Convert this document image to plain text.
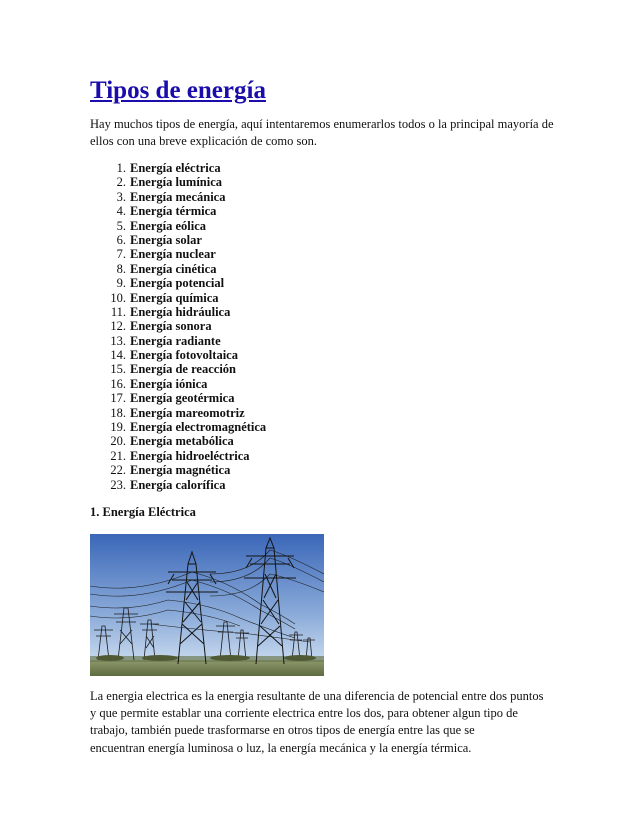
Tipos de energía

Hay muchos tipos de energía, aquí intentaremos enumerarlos todos o la principal mayoría de ellos con una breve explicación de como son.

1. Energía eléctrica
2. Energía lumínica
3. Energía mecánica
4. Energía térmica
5. Energía eólica
6. Energía solar
7. Energía nuclear
8. Energía cinética
9. Energía potencial
10. Energía química
11. Energía hidráulica
12. Energía sonora
13. Energía radiante
14. Energía fotovoltaica
15. Energía de reacción
16. Energía iónica
17. Energía geotérmica
18. Energía mareomotriz
19. Energía electromagnética
20. Energía metabólica
21. Energía hidroeléctrica
22. Energía magnética
23. Energía calorífica
1. Energía Eléctrica

La energia electrica es la energia resultante de una diferencia de potencial entre dos puntos
y que permite establar una corriente electrica entre los dos, para obtener algun tipo de
trabajo, también puede trasformarse en otros tipos de energía entre las que se
encuentran energía luminosa o luz, la energía mecánica y la energía térmica.
